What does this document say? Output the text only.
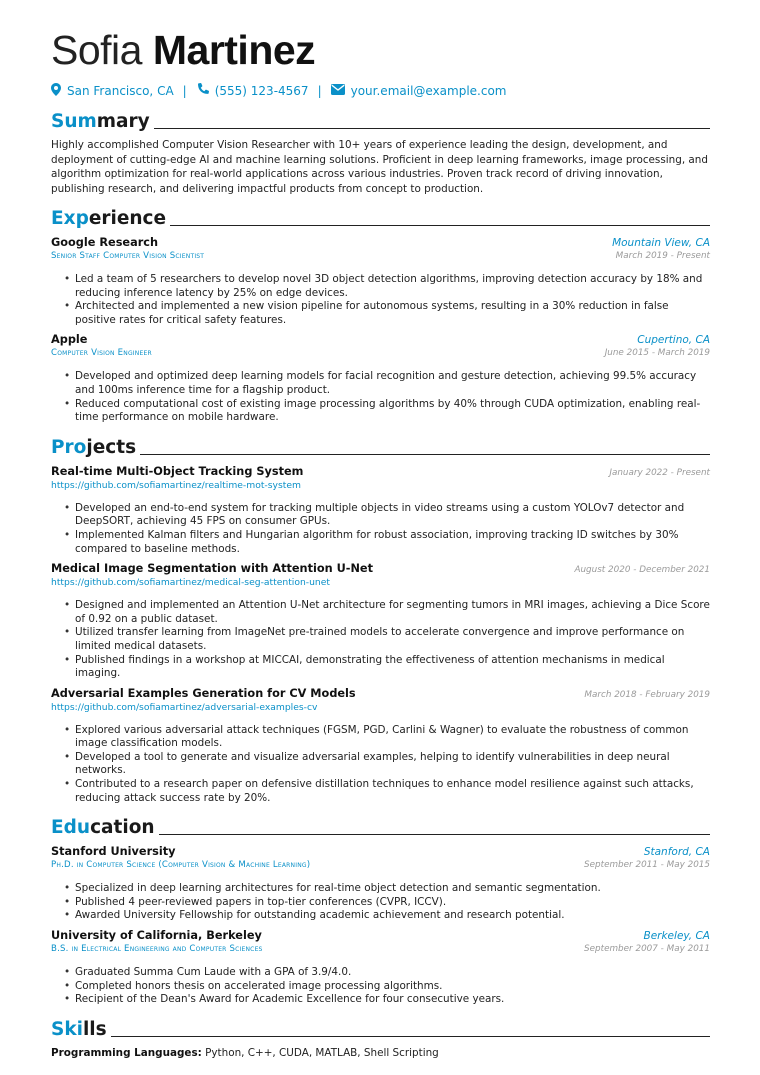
Sofia Martinez
San Francisco, CA | (555) 123-4567 | your.email@example.com
Summary
Highly accomplished Computer Vision Researcher with 10+ years of experience leading the design, development, and deployment of cutting-edge AI and machine learning solutions. Proficient in deep learning frameworks, image processing, and algorithm optimization for real-world applications across various industries. Proven track record of driving innovation, publishing research, and delivering impactful products from concept to production.
Experience
Google Research	Mountain View, CA
Senior Staff Computer Vision Scientist	March 2019 - Present
• Led a team of 5 researchers to develop novel 3D object detection algorithms, improving detection accuracy by 18% and reducing inference latency by 25% on edge devices.
• Architected and implemented a new vision pipeline for autonomous systems, resulting in a 30% reduction in false positive rates for critical safety features.
Apple	Cupertino, CA
Computer Vision Engineer	June 2015 - March 2019
• Developed and optimized deep learning models for facial recognition and gesture detection, achieving 99.5% accuracy and 100ms inference time for a flagship product.
• Reduced computational cost of existing image processing algorithms by 40% through CUDA optimization, enabling real-time performance on mobile hardware.
Projects
Real-time Multi-Object Tracking System	January 2022 - Present
https://github.com/sofiamartinez/realtime-mot-system
• Developed an end-to-end system for tracking multiple objects in video streams using a custom YOLOv7 detector and DeepSORT, achieving 45 FPS on consumer GPUs.
• Implemented Kalman filters and Hungarian algorithm for robust association, improving tracking ID switches by 30% compared to baseline methods.
Medical Image Segmentation with Attention U-Net	August 2020 - December 2021
https://github.com/sofiamartinez/medical-seg-attention-unet
• Designed and implemented an Attention U-Net architecture for segmenting tumors in MRI images, achieving a Dice Score of 0.92 on a public dataset.
• Utilized transfer learning from ImageNet pre-trained models to accelerate convergence and improve performance on limited medical datasets.
• Published findings in a workshop at MICCAI, demonstrating the effectiveness of attention mechanisms in medical imaging.
Adversarial Examples Generation for CV Models	March 2018 - February 2019
https://github.com/sofiamartinez/adversarial-examples-cv
• Explored various adversarial attack techniques (FGSM, PGD, Carlini & Wagner) to evaluate the robustness of common image classification models.
• Developed a tool to generate and visualize adversarial examples, helping to identify vulnerabilities in deep neural networks.
• Contributed to a research paper on defensive distillation techniques to enhance model resilience against such attacks, reducing attack success rate by 20%.
Education
Stanford University	Stanford, CA
Ph.D. in Computer Science (Computer Vision & Machine Learning)	September 2011 - May 2015
• Specialized in deep learning architectures for real-time object detection and semantic segmentation.
• Published 4 peer-reviewed papers in top-tier conferences (CVPR, ICCV).
• Awarded University Fellowship for outstanding academic achievement and research potential.
University of California, Berkeley	Berkeley, CA
B.S. in Electrical Engineering and Computer Sciences	September 2007 - May 2011
• Graduated Summa Cum Laude with a GPA of 3.9/4.0.
• Completed honors thesis on accelerated image processing algorithms.
• Recipient of the Dean's Award for Academic Excellence for four consecutive years.
Skills
Programming Languages: Python, C++, CUDA, MATLAB, Shell Scripting
